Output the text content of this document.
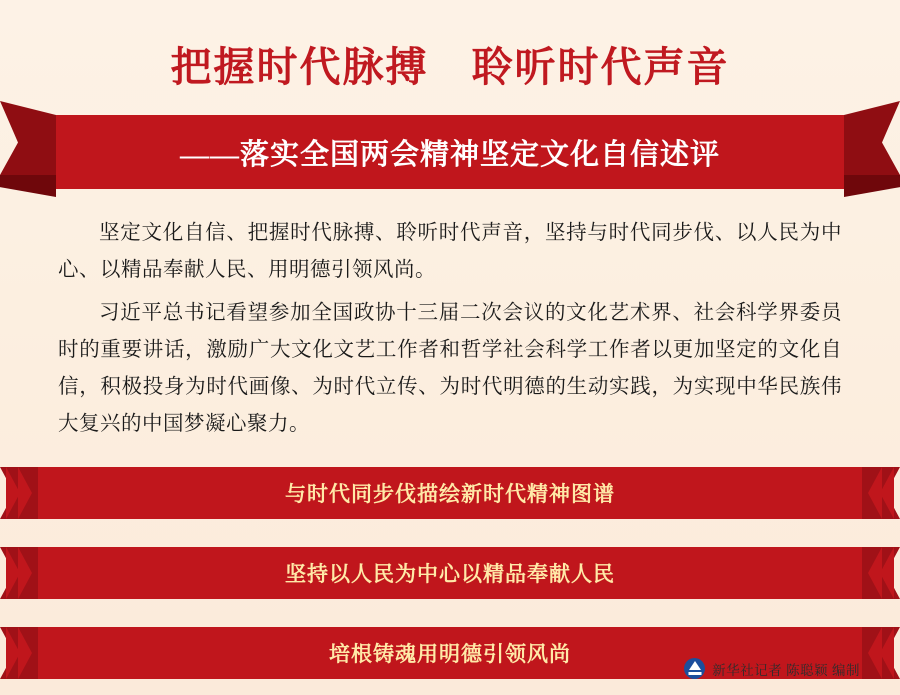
把握时代脉搏　聆听时代声音
——落实全国两会精神坚定文化自信述评

坚定文化自信、把握时代脉搏、聆听时代声音，坚持与时代同步伐、以人民为中心、以精品奉献人民、用明德引领风尚。

习近平总书记看望参加全国政协十三届二次会议的文化艺术界、社会科学界委员时的重要讲话，激励广大文化文艺工作者和哲学社会科学工作者以更加坚定的文化自信，积极投身为时代画像、为时代立传、为时代明德的生动实践，为实现中华民族伟大复兴的中国梦凝心聚力。

与时代同步伐描绘新时代精神图谱
坚持以人民为中心以精品奉献人民
培根铸魂用明德引领风尚
新华社记者 陈聪颖 编制
